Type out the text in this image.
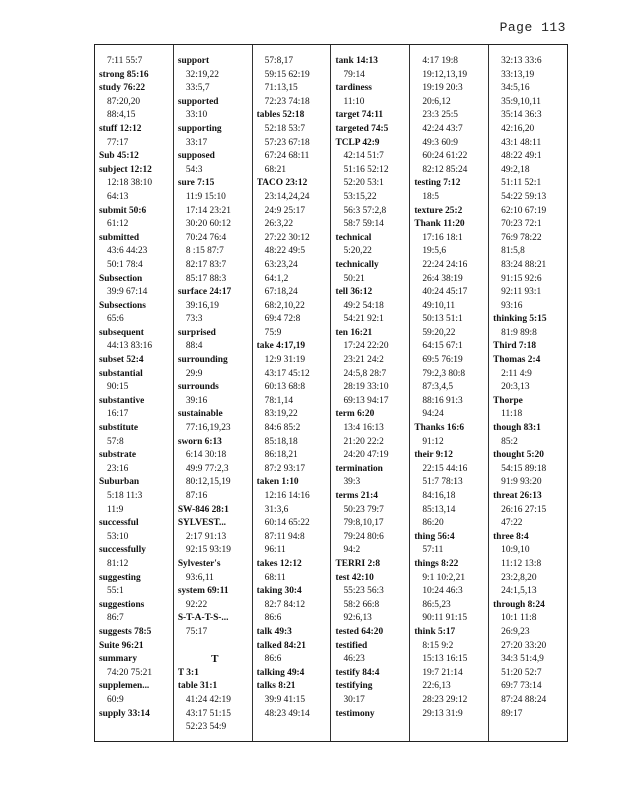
Page 113
7:11 55:7
strong 85:16
study 76:22
87:20,20
88:4,15
stuff 12:12
77:17
Sub 45:12
subject 12:12
12:18 38:10
64:13
submit 50:6
61:12
submitted
43:6 44:23
50:1 78:4
Subsection
39:9 67:14
Subsections
65:6
subsequent
44:13 83:16
subset 52:4
substantial
90:15
substantive
16:17
substitute
57:8
substrate
23:16
Suburban
5:18 11:3
11:9
successful
53:10
successfully
81:12
suggesting
55:1
suggestions
86:7
suggests 78:5
Suite 96:21
summary
74:20 75:21
supplemen...
60:9
supply 33:14
support
32:19,22
33:5,7
supported
33:10
supporting
33:17
supposed
54:3
sure 7:15
11:9 15:10
17:14 23:21
30:20 60:12
70:24 76:4
8 :15 87:7
82:17 83:7
85:17 88:3
surface 24:17
39:16,19
73:3
surprised
88:4
surrounding
29:9
surrounds
39:16
sustainable
77:16,19,23
sworn 6:13
6:14 30:18
49:9 77:2,3
80:12,15,19
87:16
SW-846 28:1
SYLVEST...
2:17 91:13
92:15 93:19
Sylvester's
93:6,11
system 69:11
92:22
S-T-A-T-S-...
75:17
T
T 3:1
table 31:1
41:24 42:19
43:17 51:15
52:23 54:9
57:8,17
59:15 62:19
71:13,15
72:23 74:18
tables 52:18
52:18 53:7
57:23 67:18
67:24 68:11
68:21
TACO 23:12
23:14,24,24
24:9 25:17
26:3,22
27:22 30:12
48:22 49:5
63:23,24
64:1,2
67:18,24
68:2,10,22
69:4 72:8
75:9
take 4:17,19
12:9 31:19
43:17 45:12
60:13 68:8
78:1,14
83:19,22
84:6 85:2
85:18,18
86:18,21
87:2 93:17
taken 1:10
12:16 14:16
31:3,6
60:14 65:22
87:11 94:8
96:11
takes 12:12
68:11
taking 30:4
82:7 84:12
86:6
talk 49:3
talked 84:21
86:6
talking 49:4
talks 8:21
39:9 41:15
48:23 49:14
tank 14:13
79:14
tardiness
11:10
target 74:11
targeted 74:5
TCLP 42:9
42:14 51:7
51:16 52:12
52:20 53:1
53:15,22
56:3 57:2,8
58:7 59:14
technical
5:20,22
technically
50:21
tell 36:12
49:2 54:18
54:21 92:1
ten 16:21
17:24 22:20
23:21 24:2
24:5,8 28:7
28:19 33:10
69:13 94:17
term 6:20
13:4 16:13
21:20 22:2
24:20 47:19
termination
39:3
terms 21:4
50:23 79:7
79:8,10,17
79:24 80:6
94:2
TERRI 2:8
test 42:10
55:23 56:3
58:2 66:8
92:6,13
tested 64:20
testified
46:23
testify 84:4
testifying
30:17
testimony
4:17 19:8
19:12,13,19
19:19 20:3
20:6,12
23:3 25:5
42:24 43:7
49:3 60:9
60:24 61:22
82:12 85:24
testing 7:12
18:5
texture 25:2
Thank 11:20
17:16 18:1
19:5,6
22:24 24:16
26:4 38:19
40:24 45:17
49:10,11
50:13 51:1
59:20,22
64:15 67:1
69:5 76:19
79:2,3 80:8
87:3,4,5
88:16 91:3
94:24
Thanks 16:6
91:12
their 9:12
22:15 44:16
51:7 78:13
84:16,18
85:13,14
86:20
thing 56:4
57:11
things 8:22
9:1 10:2,21
10:24 46:3
86:5,23
90:11 91:15
think 5:17
8:15 9:2
15:13 16:15
19:7 21:14
22:6,13
28:23 29:12
29:13 31:9
32:13 33:6
33:13,19
34:5,16
35:9,10,11
35:14 36:3
42:16,20
43:1 48:11
48:22 49:1
49:2,18
51:11 52:1
54:22 59:13
62:10 67:19
70:23 72:1
76:9 78:22
81:5,8
83:24 88:21
91:15 92:6
92:11 93:1
93:16
thinking 5:15
81:9 89:8
Third 7:18
Thomas 2:4
2:11 4:9
20:3,13
Thorpe
11:18
though 83:1
85:2
thought 5:20
54:15 89:18
91:9 93:20
threat 26:13
26:16 27:15
47:22
three 8:4
10:9,10
11:12 13:8
23:2,8,20
24:1,5,13
through 8:24
10:1 11:8
26:9,23
27:20 33:20
34:3 51:4,9
51:20 52:7
69:7 73:14
87:24 88:24
89:17
